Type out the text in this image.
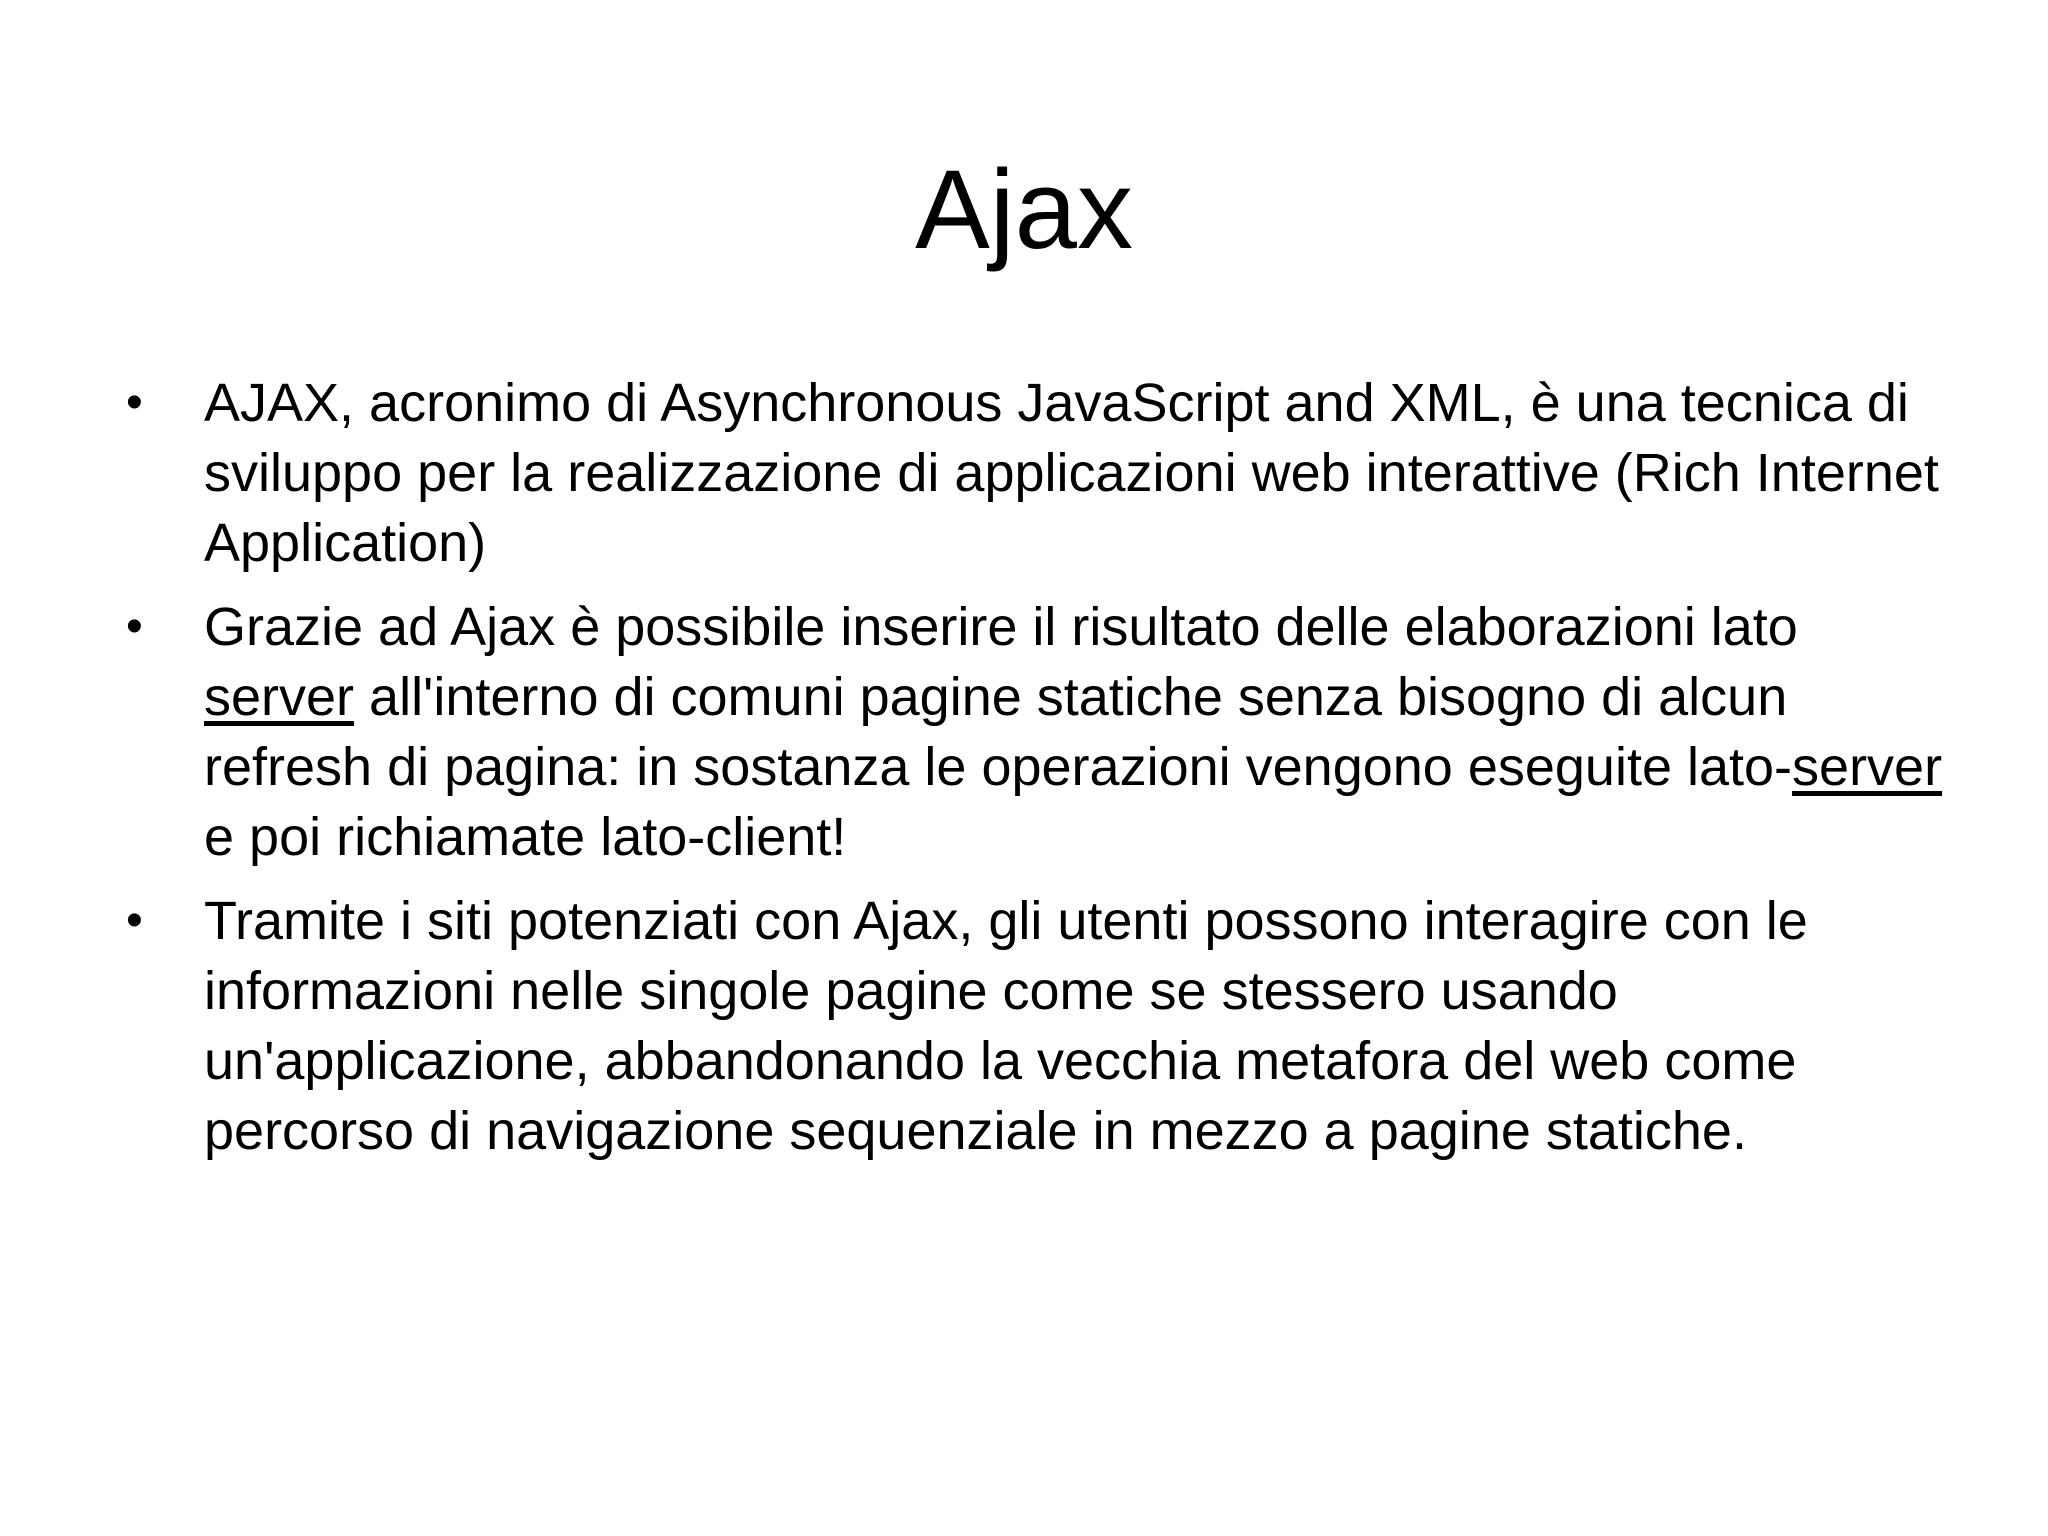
Ajax
• AJAX, acronimo di Asynchronous JavaScript and XML, è una tecnica di sviluppo per la realizzazione di applicazioni web interattive (Rich Internet Application)
• Grazie ad Ajax è possibile inserire il risultato delle elaborazioni lato server all'interno di comuni pagine statiche senza bisogno di alcun refresh di pagina: in sostanza le operazioni vengono eseguite lato-server e poi richiamate lato-client!
• Tramite i siti potenziati con Ajax, gli utenti possono interagire con le informazioni nelle singole pagine come se stessero usando un'applicazione, abbandonando la vecchia metafora del web come percorso di navigazione sequenziale in mezzo a pagine statiche.
